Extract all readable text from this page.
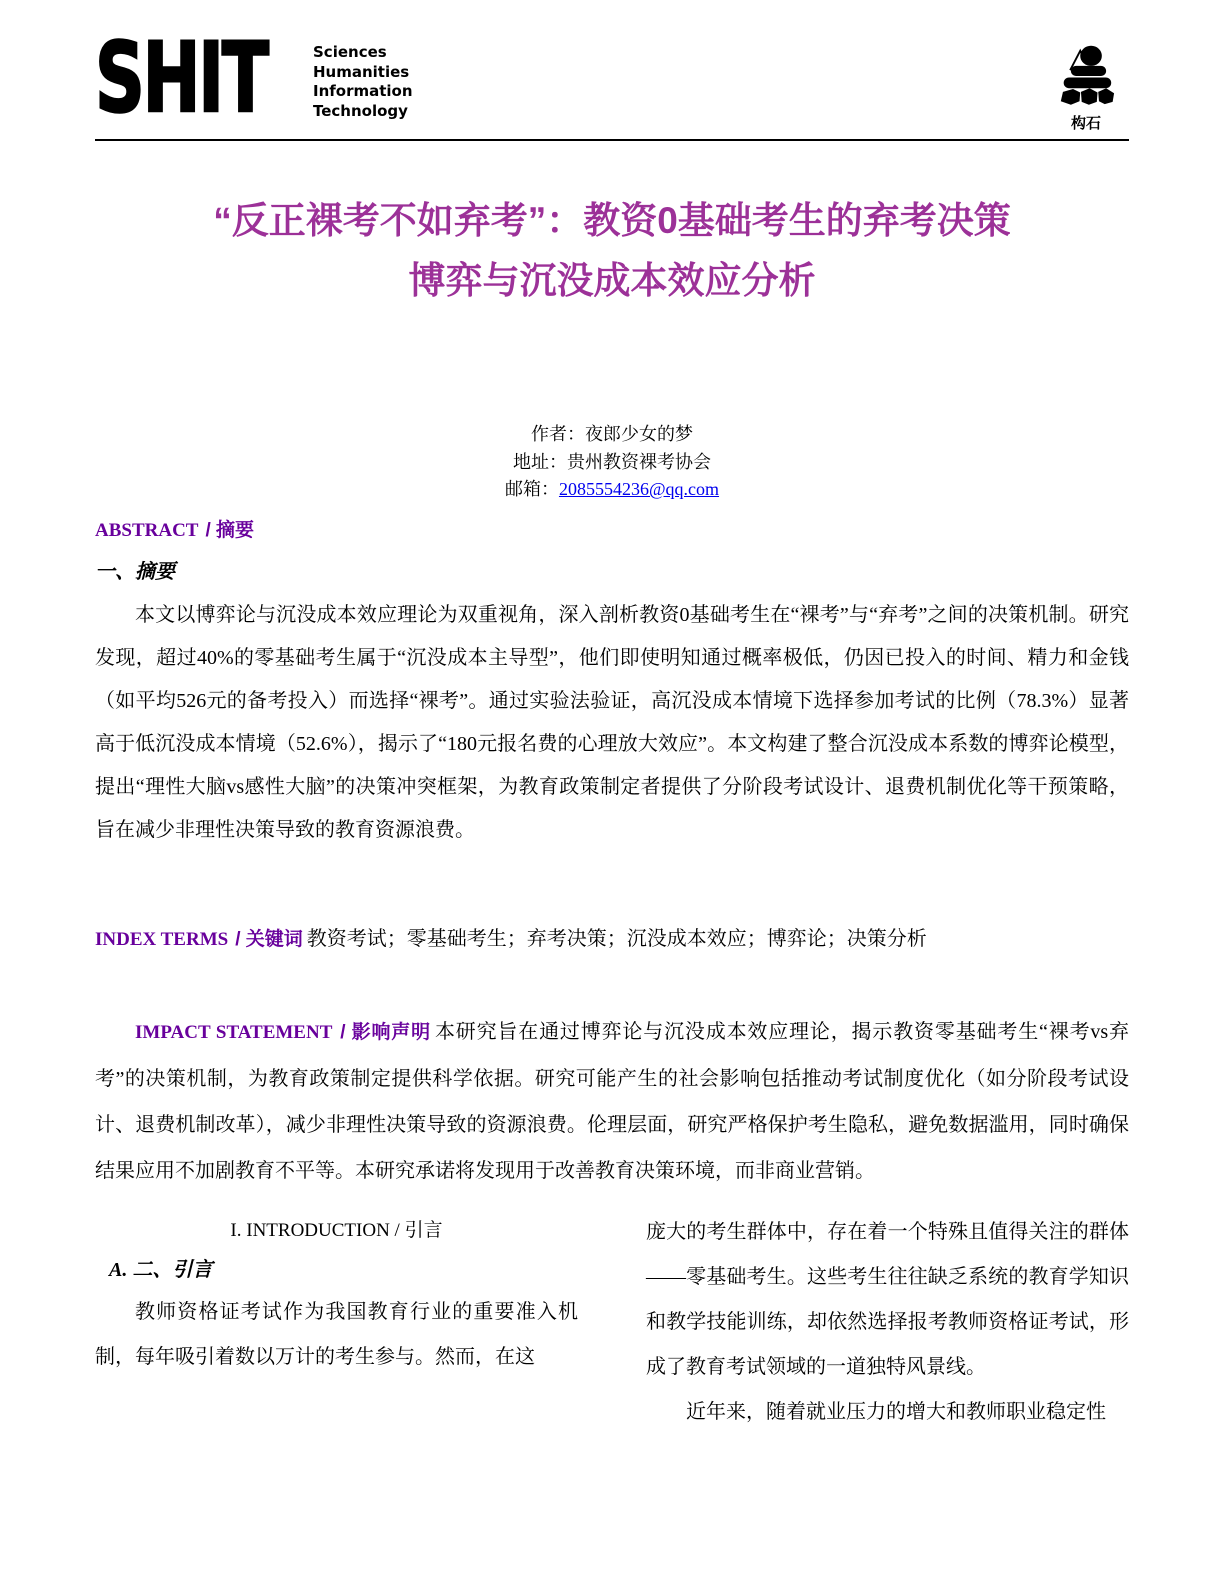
SHIT	Sciences
Humanities
Information
Technology
构石
“反正裸考不如弃考”：教资0基础考生的弃考决策
博弈与沉没成本效应分析
作者：夜郎少女的梦
地址：贵州教资裸考协会
邮箱：2085554236@qq.com
ABSTRACT / 摘要
一、摘要

本文以博弈论与沉没成本效应理论为双重视角，深入剖析教资0基础考生在“裸考”与“弃考”之间的决策机制。研究发现，超过40%的零基础考生属于“沉没成本主导型”，他们即使明知通过概率极低，仍因已投入的时间、精力和金钱（如平均526元的备考投入）而选择“裸考”。通过实验法验证，高沉没成本情境下选择参加考试的比例（78.3%）显著高于低沉没成本情境（52.6%），揭示了“180元报名费的心理放大效应”。本文构建了整合沉没成本系数的博弈论模型，提出“理性大脑vs感性大脑”的决策冲突框架，为教育政策制定者提供了分阶段考试设计、退费机制优化等干预策略，旨在减少非理性决策导致的教育资源浪费。

INDEX TERMS / 关键词 教资考试；零基础考生；弃考决策；沉没成本效应；博弈论；决策分析

IMPACT STATEMENT / 影响声明 本研究旨在通过博弈论与沉没成本效应理论，揭示教资零基础考生“裸考vs弃考”的决策机制，为教育政策制定提供科学依据。研究可能产生的社会影响包括推动考试制度优化（如分阶段考试设计、退费机制改革），减少非理性决策导致的资源浪费。伦理层面，研究严格保护考生隐私，避免数据滥用，同时确保结果应用不加剧教育不平等。本研究承诺将发现用于改善教育决策环境，而非商业营销。

I. INTRODUCTION / 引言
A. 二、引言

教师资格证考试作为我国教育行业的重要准入机制，每年吸引着数以万计的考生参与。然而，在这

庞大的考生群体中，存在着一个特殊且值得关注的群体——零基础考生。这些考生往往缺乏系统的教育学知识和教学技能训练，却依然选择报考教师资格证考试，形成了教育考试领域的一道独特风景线。

近年来，随着就业压力的增大和教师职业稳定性
